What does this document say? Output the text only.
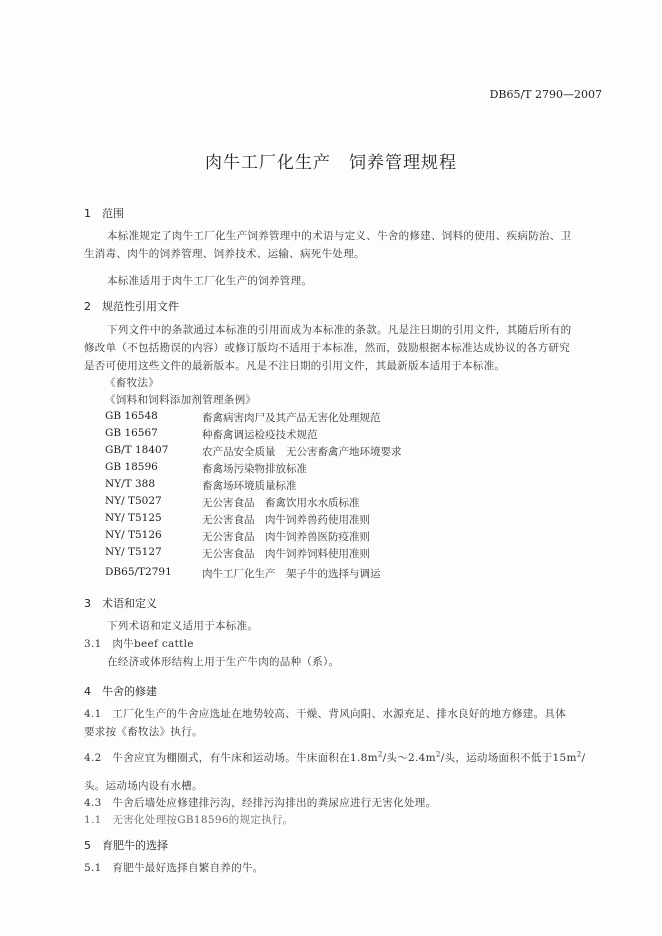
DB65/T 2790—2007
肉牛工厂化生产　饲养管理规程
1　范围
本标准规定了肉牛工厂化生产饲养管理中的术语与定义、牛舍的修建、饲料的使用、疾病防治、卫
生消毒、肉牛的饲养管理、饲养技术、运输、病死牛处理。
本标准适用于肉牛工厂化生产的饲养管理。
2　规范性引用文件
下列文件中的条款通过本标准的引用而成为本标准的条款。凡是注日期的引用文件，其随后所有的
修改单（不包括勘误的内容）或修订版均不适用于本标准，然而，鼓励根据本标准达成协议的各方研究
是否可使用这些文件的最新版本。凡是不注日期的引用文件，其最新版本适用于本标准。
《畜牧法》
《饲料和饲料添加剂管理条例》
GB 16548	畜禽病害肉尸及其产品无害化处理规范
GB 16567	种畜禽调运检疫技术规范
GB/T 18407	农产品安全质量　无公害畜禽产地环境要求
GB 18596	畜禽场污染物排放标准
NY/T 388	畜禽场环境质量标准
NY/ T5027	无公害食品　畜禽饮用水水质标准
NY/ T5125	无公害食品　肉牛饲养兽药使用准则
NY/ T5126	无公害食品　肉牛饲养兽医防疫准则
NY/ T5127	无公害食品　肉牛饲养饲料使用准则
DB65/T2791	肉牛工厂化生产　架子牛的选择与调运
3　术语和定义
下列术语和定义适用于本标准。
3.1　肉牛beef cattle
在经济或体形结构上用于生产牛肉的品种（系）。
4　牛舍的修建
4.1　工厂化生产的牛舍应选址在地势较高、干燥、背风向阳、水源充足、排水良好的地方修建。具体
要求按《畜牧法》执行。
4.2　牛舍应宜为棚圈式，有牛床和运动场。牛床面积在$1.8m^2/$头$\sim 2.4m^2/$头，运动场面积不低于$15m^2/$
头。运动场内设有水槽。
4.3　牛舍后墙处应修建排污沟，经排污沟排出的粪尿应进行无害化处理。
1.1　无害化处理按GB18596的规定执行。
5　育肥牛的选择
5.1　育肥牛最好选择自繁自养的牛。
